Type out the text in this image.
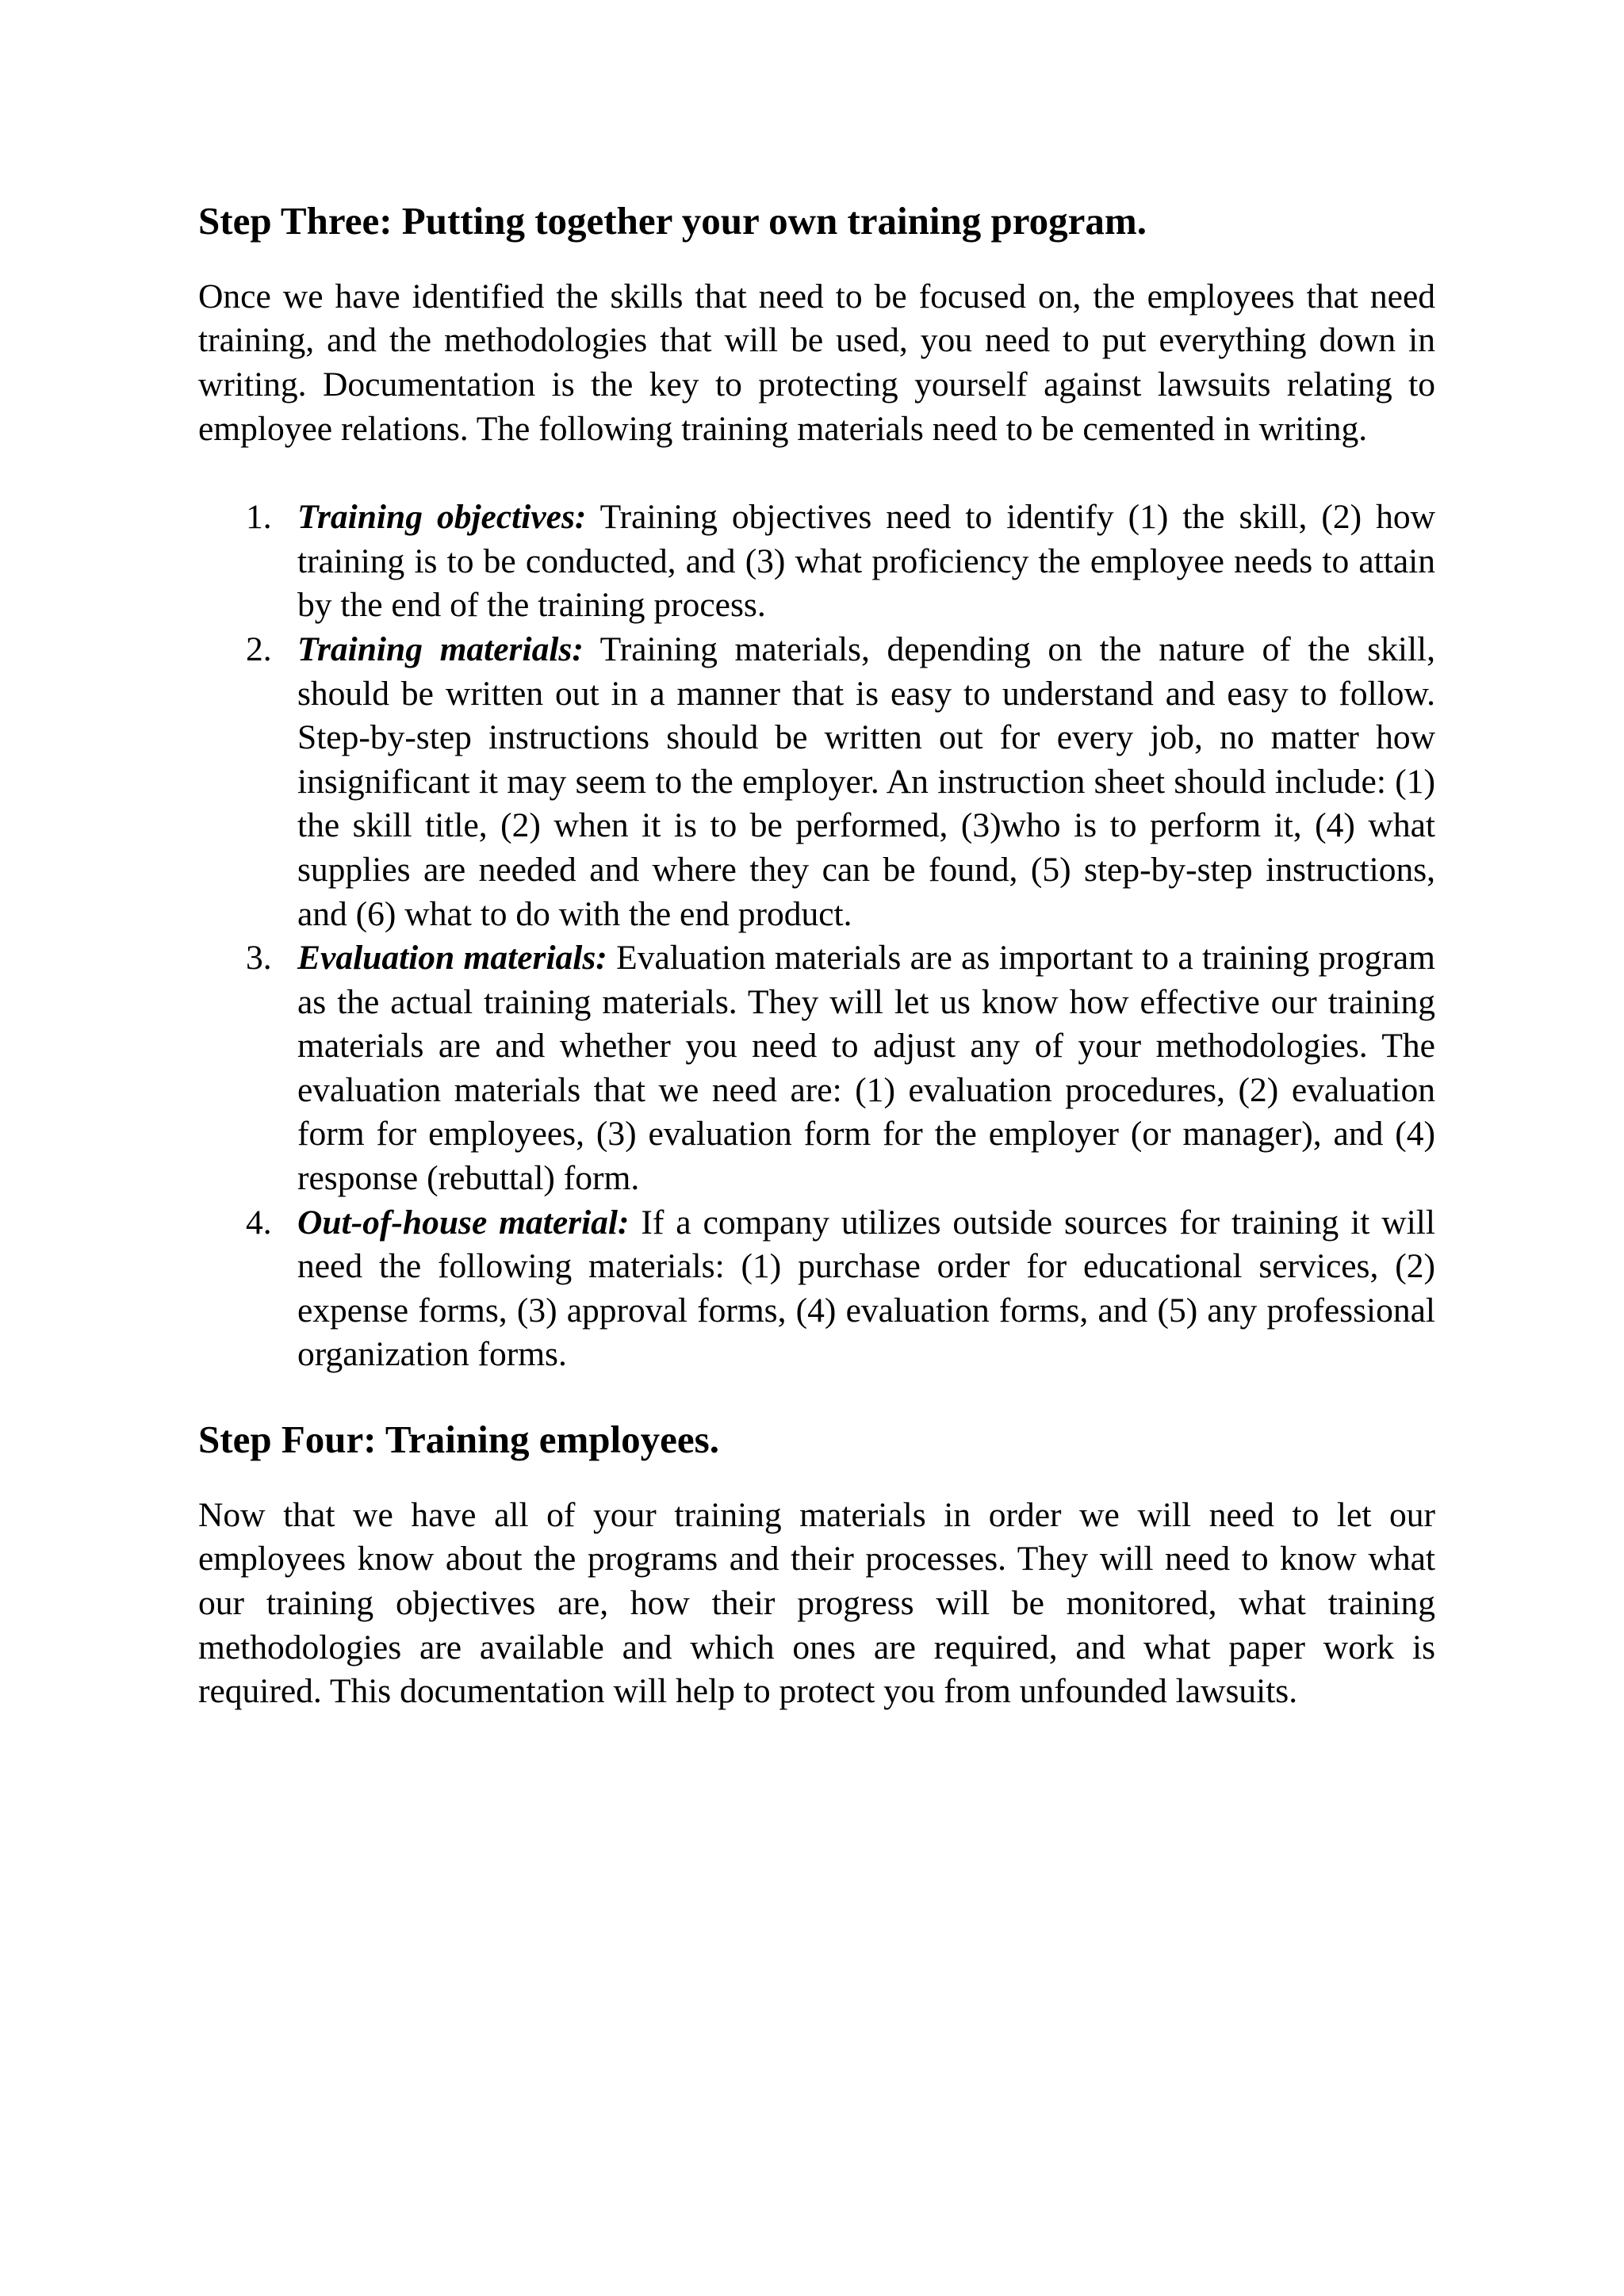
Step Three: Putting together your own training program.

Once we have identified the skills that need to be focused on, the employees that need training, and the methodologies that will be used, you need to put everything down in writing. Documentation is the key to protecting yourself against lawsuits relating to employee relations. The following training materials need to be cemented in writing.

1. Training objectives: Training objectives need to identify (1) the skill, (2) how training is to be conducted, and (3) what proficiency the employee needs to attain by the end of the training process.
2. Training materials: Training materials, depending on the nature of the skill, should be written out in a manner that is easy to understand and easy to follow. Step-by-step instructions should be written out for every job, no matter how insignificant it may seem to the employer. An instruction sheet should include: (1) the skill title, (2) when it is to be performed, (3)who is to perform it, (4) what supplies are needed and where they can be found, (5) step-by-step instructions, and (6) what to do with the end product.
3. Evaluation materials: Evaluation materials are as important to a training program as the actual training materials. They will let us know how effective our training materials are and whether you need to adjust any of your methodologies. The evaluation materials that we need are: (1) evaluation procedures, (2) evaluation form for employees, (3) evaluation form for the employer (or manager), and (4) response (rebuttal) form.
4. Out-of-house material: If a company utilizes outside sources for training it will need the following materials: (1) purchase order for educational services, (2) expense forms, (3) approval forms, (4) evaluation forms, and (5) any professional organization forms.
Step Four: Training employees.

Now that we have all of your training materials in order we will need to let our employees know about the programs and their processes. They will need to know what our training objectives are, how their progress will be monitored, what training methodologies are available and which ones are required, and what paper work is required. This documentation will help to protect you from unfounded lawsuits.
